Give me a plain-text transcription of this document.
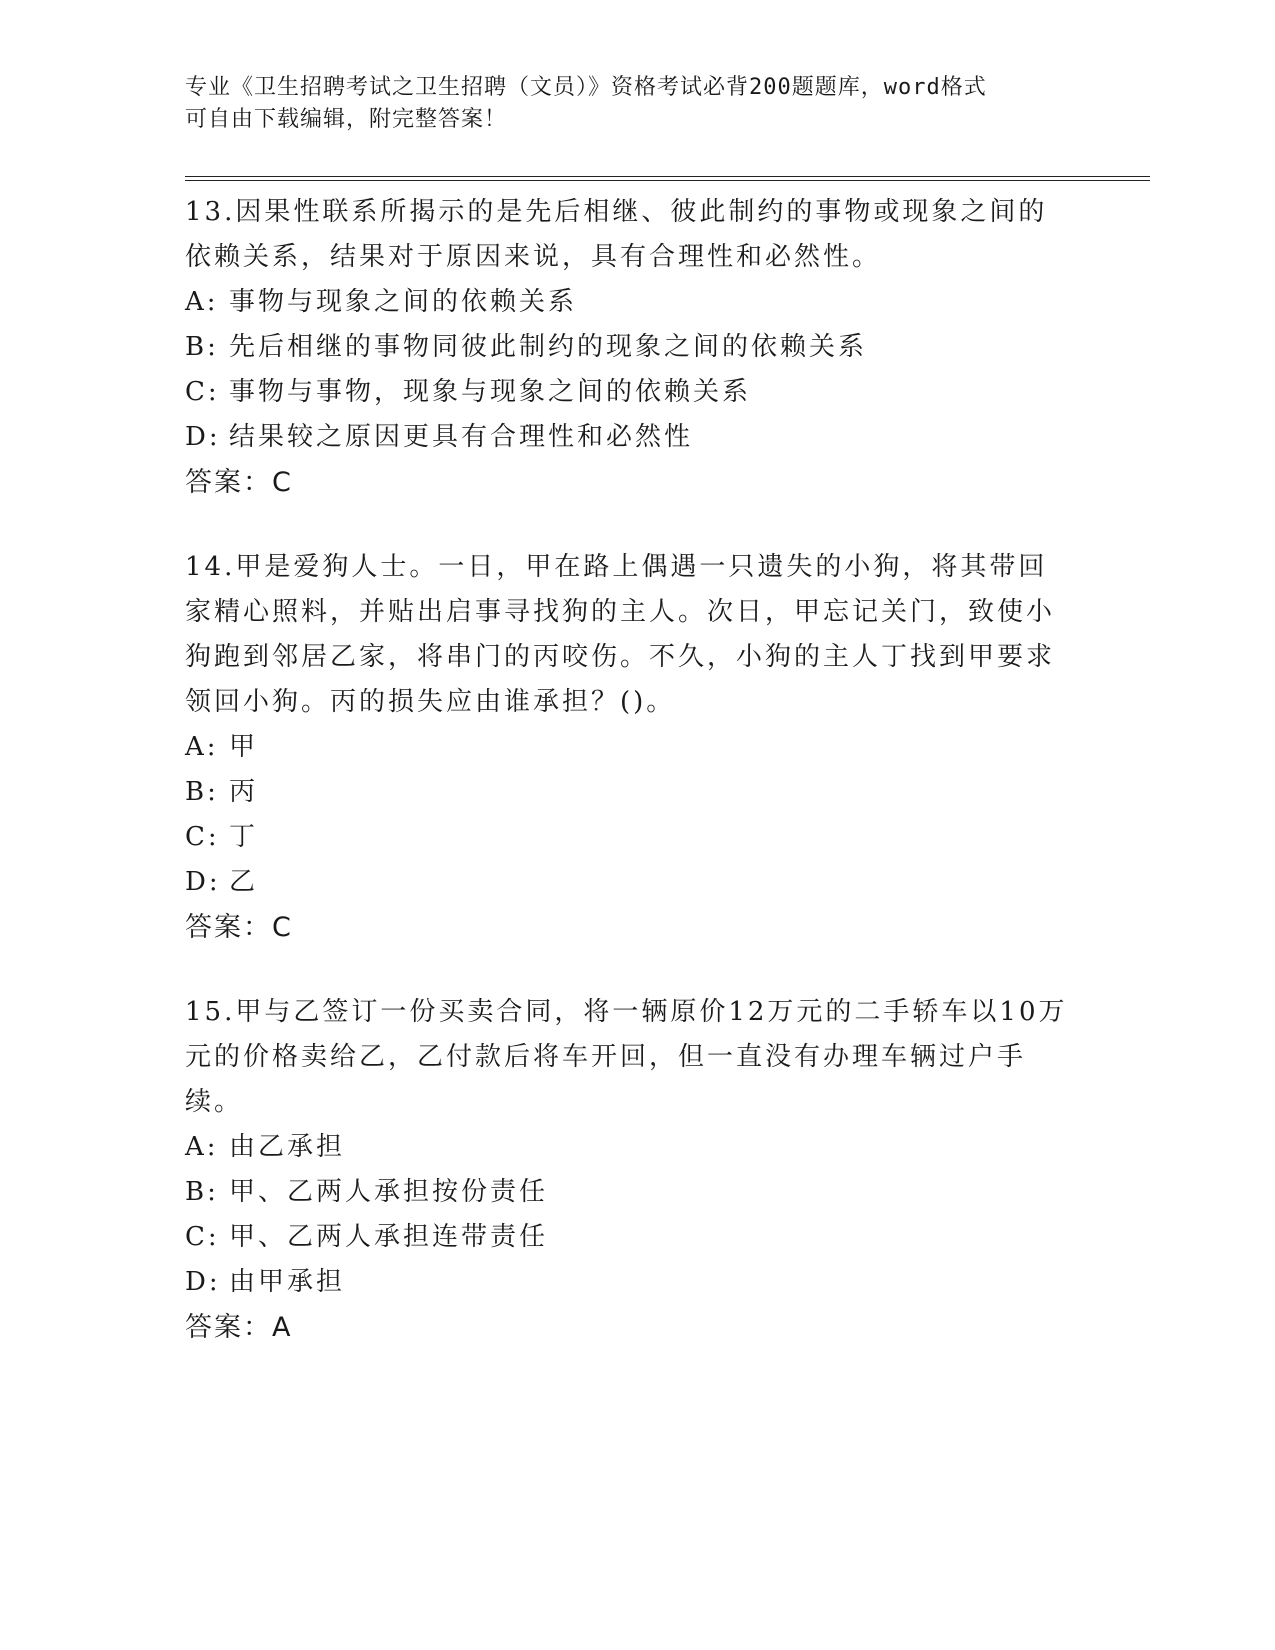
专业《卫生招聘考试之卫生招聘（文员）》资格考试必背200题题库，word格式
可自由下载编辑，附完整答案！

13.因果性联系所揭示的是先后相继、彼此制约的事物或现象之间的依赖关系，结果对于原因来说，具有合理性和必然性。

A: 事物与现象之间的依赖关系
B: 先后相继的事物同彼此制约的现象之间的依赖关系
C: 事物与事物，现象与现象之间的依赖关系
D: 结果较之原因更具有合理性和必然性

答案：C

14.甲是爱狗人士。一日，甲在路上偶遇一只遗失的小狗，将其带回家精心照料，并贴出启事寻找狗的主人。次日，甲忘记关门，致使小狗跑到邻居乙家，将串门的丙咬伤。不久，小狗的主人丁找到甲要求领回小狗。丙的损失应由谁承担？()。

A: 甲
B: 丙
C: 丁
D: 乙

答案：C

15.甲与乙签订一份买卖合同，将一辆原价12万元的二手轿车以10万元的价格卖给乙，乙付款后将车开回，但一直没有办理车辆过户手续。

A: 由乙承担
B: 甲、乙两人承担按份责任
C: 甲、乙两人承担连带责任
D: 由甲承担

答案：A
